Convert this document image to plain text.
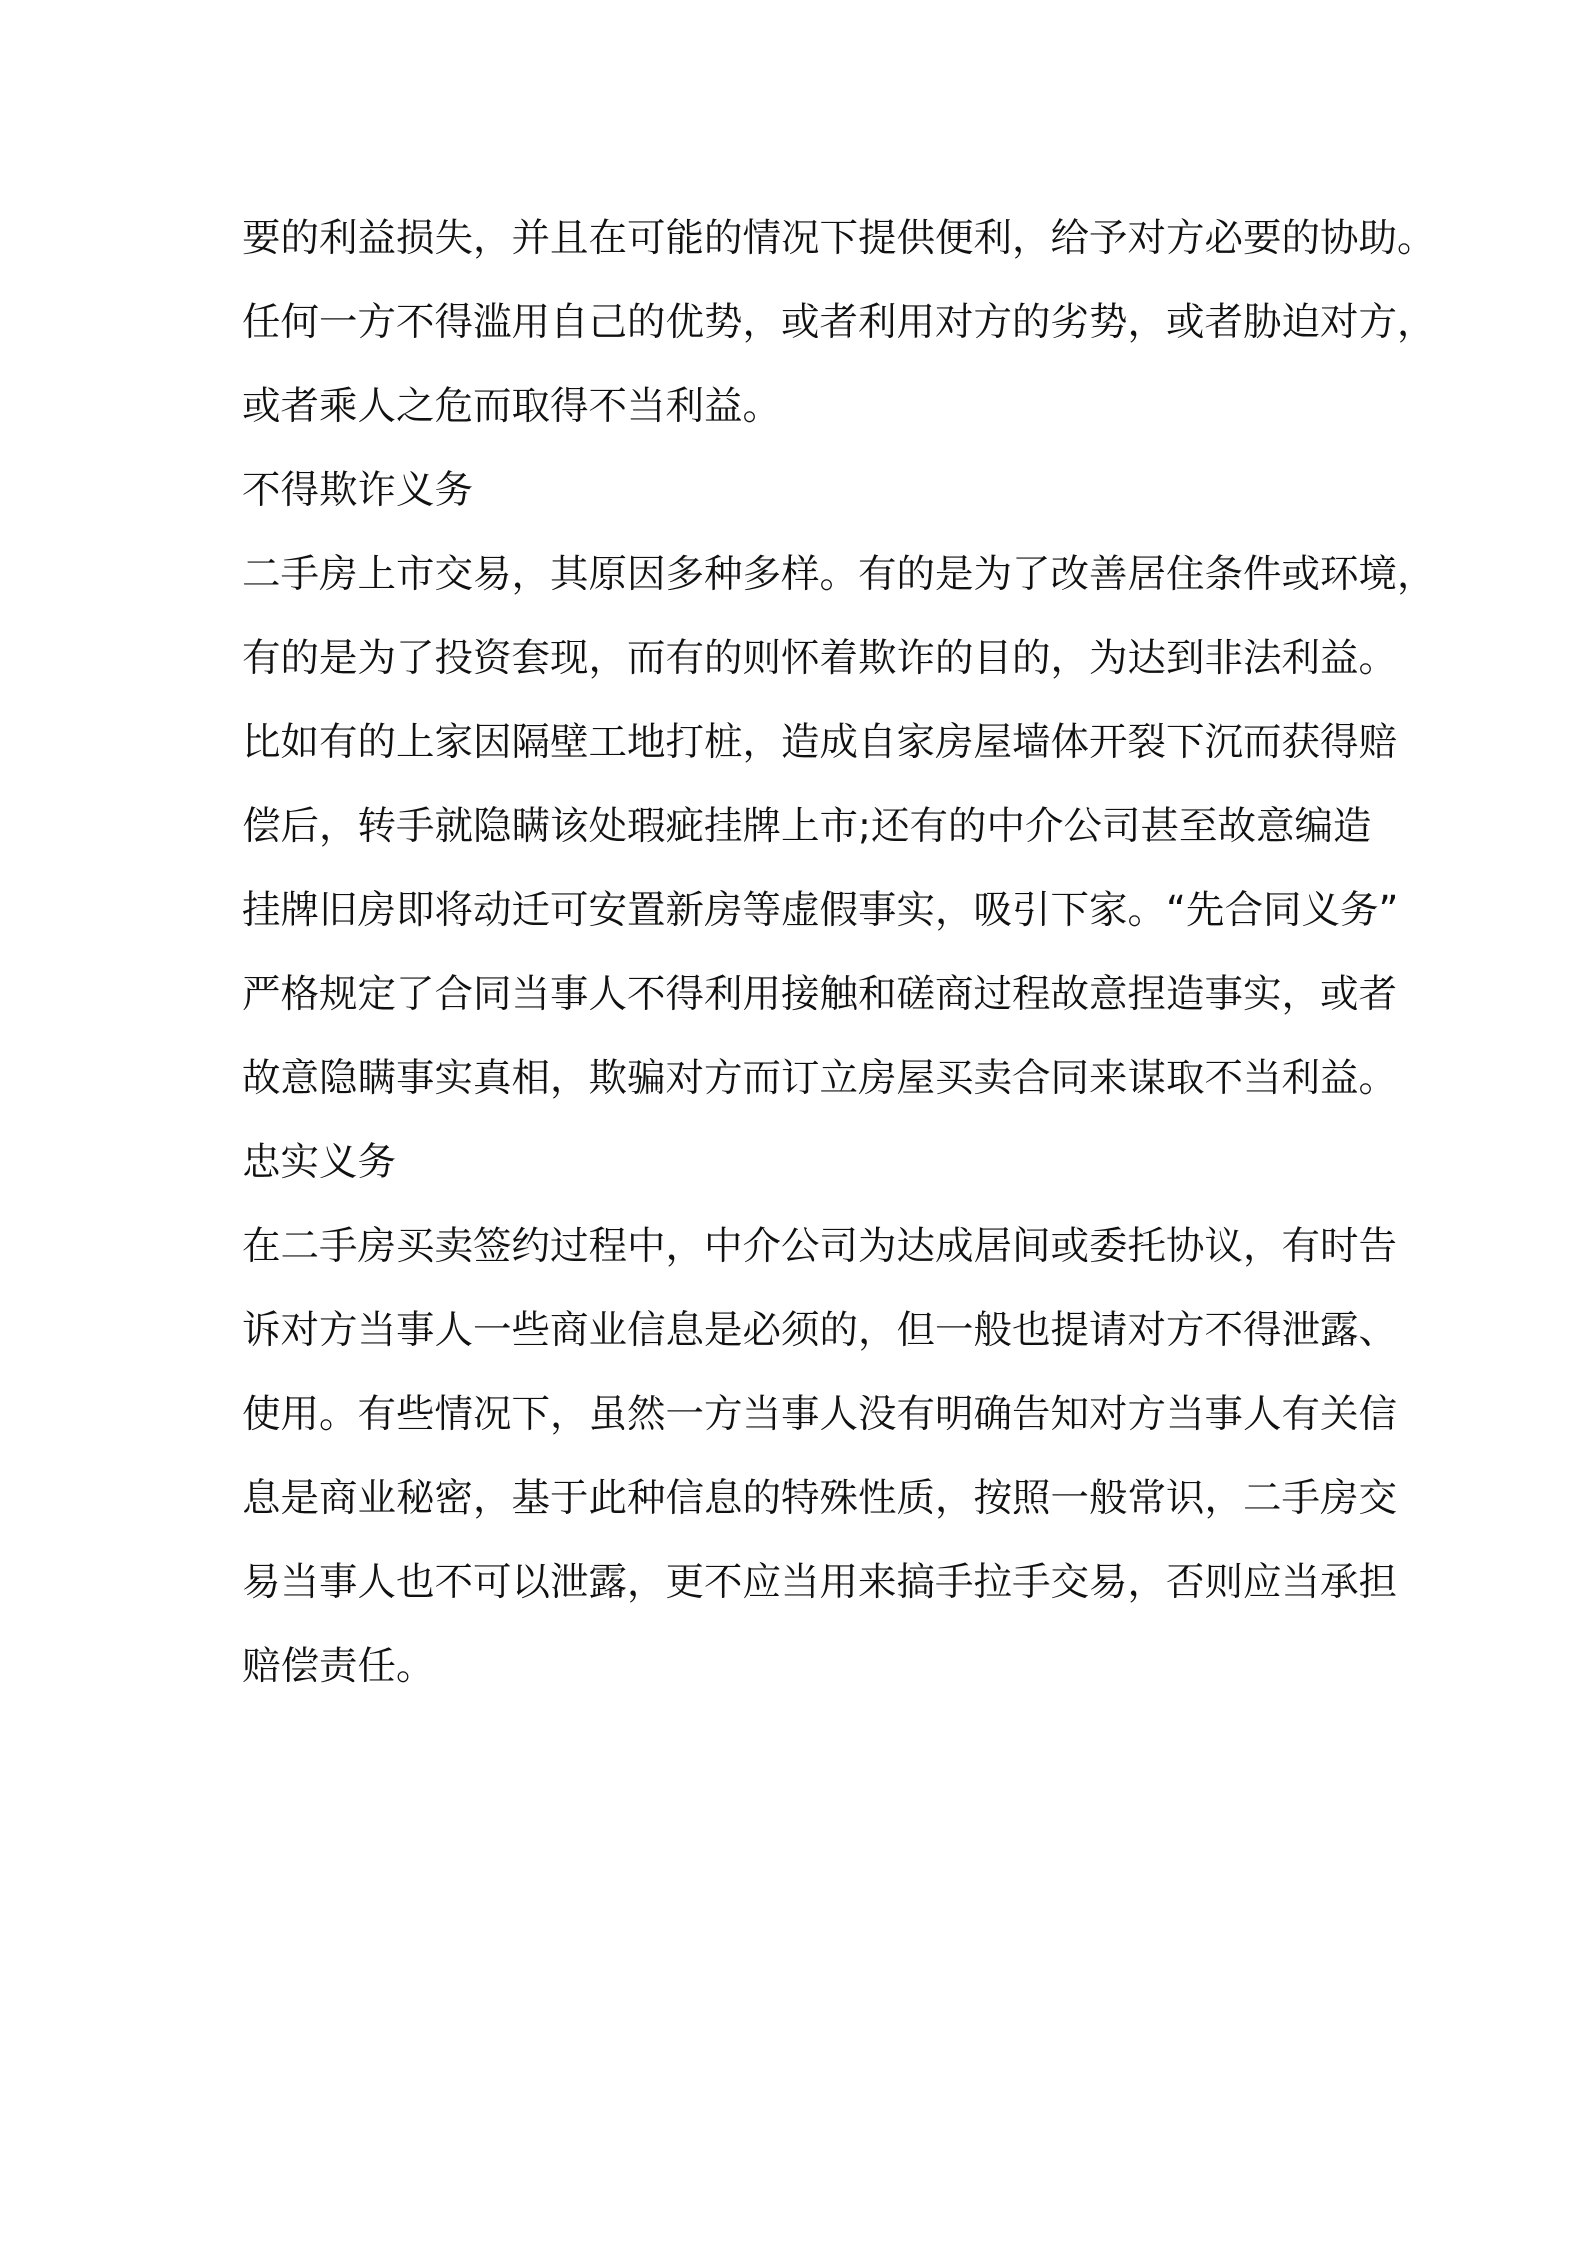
要的利益损失，并且在可能的情况下提供便利，给予对方必要的协助。
任何一方不得滥用自己的优势，或者利用对方的劣势，或者胁迫对方，
或者乘人之危而取得不当利益。
不得欺诈义务
二手房上市交易，其原因多种多样。有的是为了改善居住条件或环境，
有的是为了投资套现，而有的则怀着欺诈的目的，为达到非法利益。
比如有的上家因隔壁工地打桩，造成自家房屋墙体开裂下沉而获得赔
偿后，转手就隐瞒该处瑕疵挂牌上市;还有的中介公司甚至故意编造
挂牌旧房即将动迁可安置新房等虚假事实，吸引下家。“先合同义务”
严格规定了合同当事人不得利用接触和磋商过程故意捏造事实，或者
故意隐瞒事实真相，欺骗对方而订立房屋买卖合同来谋取不当利益。
忠实义务
在二手房买卖签约过程中，中介公司为达成居间或委托协议，有时告
诉对方当事人一些商业信息是必须的，但一般也提请对方不得泄露、
使用。有些情况下，虽然一方当事人没有明确告知对方当事人有关信
息是商业秘密，基于此种信息的特殊性质，按照一般常识，二手房交
易当事人也不可以泄露，更不应当用来搞手拉手交易，否则应当承担
赔偿责任。
